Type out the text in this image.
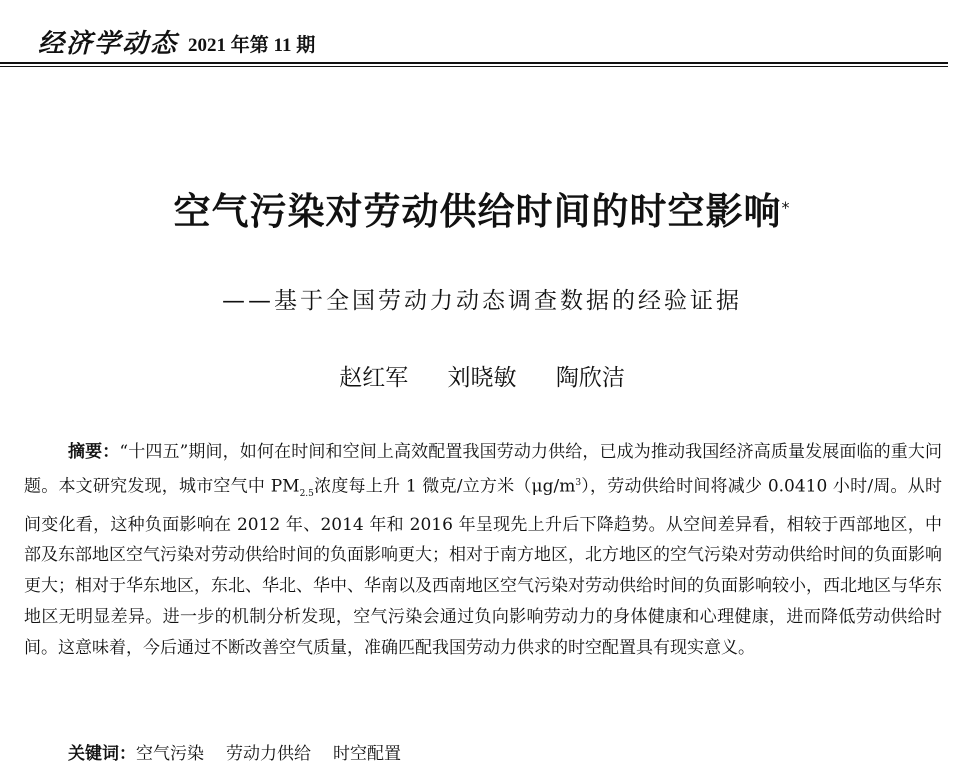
经济学动态 2021 年第 11 期
空气污染对劳动供给时间的时空影响*
——基于全国劳动力动态调查数据的经验证据
赵红军 刘晓敏 陶欣洁
摘要：“十四五”期间，如何在时间和空间上高效配置我国劳动力供给，已成为推动我国经济高质量发展面临的重大问题。本文研究发现，城市空气中 $PM_{2.5}$浓度每上升 1 微克/立方米$(\mu g/m^3)$，劳动供给时间将减少 0.0410 小时/周。从时间变化看，这种负面影响在 2012 年、2014 年和 2016 年呈现先上升后下降趋势。从空间差异看，相较于西部地区，中部及东部地区空气污染对劳动供给时间的负面影响更大；相对于南方地区，北方地区的空气污染对劳动供给时间的负面影响更大；相对于华东地区，东北、华北、华中、华南以及西南地区空气污染对劳动供给时间的负面影响较小，西北地区与华东地区无明显差异。进一步的机制分析发现，空气污染会通过负向影响劳动力的身体健康和心理健康，进而降低劳动供给时间。这意味着，今后通过不断改善空气质量，准确匹配我国劳动力供求的时空配置具有现实意义。
关键词：空气污染 劳动力供给 时空配置
